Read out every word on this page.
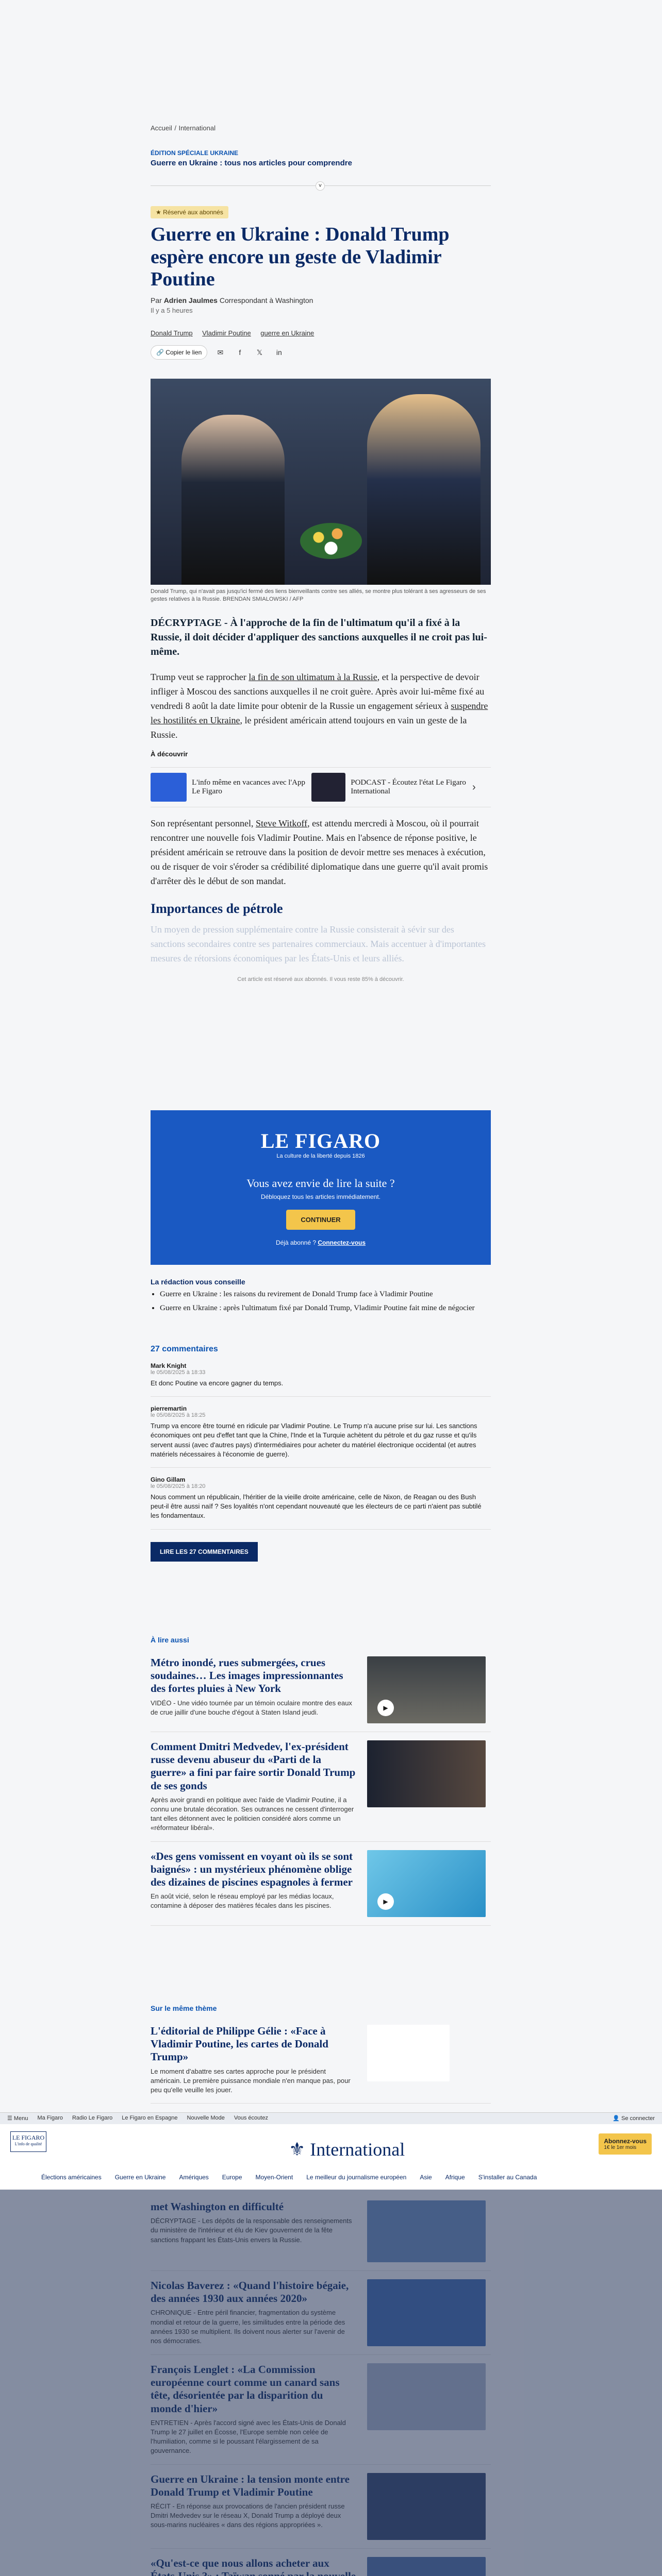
Accueil / International
ÉDITION SPÉCIALE UKRAINE
Guerre en Ukraine : tous nos articles pour comprendre
˅
★ Réservé aux abonnés
Guerre en Ukraine : Donald Trump espère encore un geste de Vladimir Poutine
Par Adrien Jaulmes Correspondant à Washington
Il y a 5 heures
Donald Trump Vladimir Poutine guerre en Ukraine
🔗 Copier le lien	✉	f	𝕏	in
Donald Trump, qui n'avait pas jusqu'ici fermé des liens bienveillants contre ses alliés, se montre plus tolérant à ses agresseurs de ses gestes relatives à la Russie. BRENDAN SMIALOWSKI / AFP

DÉCRYPTAGE - À l'approche de la fin de l'ultimatum qu'il a fixé à la Russie, il doit décider d'appliquer des sanctions auxquelles il ne croit pas lui-même.

Trump veut se rapprocher la fin de son ultimatum à la Russie, et la perspective de devoir infliger à Moscou des sanctions auxquelles il ne croit guère. Après avoir lui-même fixé au vendredi 8 août la date limite pour obtenir de la Russie un engagement sérieux à suspendre les hostilités en Ukraine, le président américain attend toujours en vain un geste de la Russie.

À découvrir
L'info même en vacances avec l'App Le Figaro
PODCAST - Écoutez l'état Le Figaro International	›

Son représentant personnel, Steve Witkoff, est attendu mercredi à Moscou, où il pourrait rencontrer une nouvelle fois Vladimir Poutine. Mais en l'absence de réponse positive, le président américain se retrouve dans la position de devoir mettre ses menaces à exécution, ou de risquer de voir s'éroder sa crédibilité diplomatique dans une guerre qu'il avait promis d'arrêter dès le début de son mandat.

Importances de pétrole

Un moyen de pression supplémentaire contre la Russie consisterait à sévir sur des sanctions secondaires contre ses partenaires commerciaux. Mais accentuer à d'importantes mesures de rétorsions économiques par les États-Unis et leurs alliés.

Cet article est réservé aux abonnés. Il vous reste 85% à découvrir.

LE FIGARO
La culture de la liberté depuis 1826
Vous avez envie de lire la suite ?
Débloquez tous les articles immédiatement.
CONTINUER
Déjà abonné ? Connectez-vous
La rédaction vous conseille
• Guerre en Ukraine : les raisons du revirement de Donald Trump face à Vladimir Poutine
• Guerre en Ukraine : après l'ultimatum fixé par Donald Trump, Vladimir Poutine fait mine de négocier
27 commentaires
Mark Knight
le 05/08/2025 à 18:33
Et donc Poutine va encore gagner du temps.
pierremartin
le 05/08/2025 à 18:25
Trump va encore être tourné en ridicule par Vladimir Poutine. Le Trump n'a aucune prise sur lui. Les sanctions économiques ont peu d'effet tant que la Chine, l'Inde et la Turquie achètent du pétrole et du gaz russe et qu'ils servent aussi (avec d'autres pays) d'intermédiaires pour acheter du matériel électronique occidental (et autres matériels nécessaires à l'économie de guerre).
Gino Gillam
le 05/08/2025 à 18:20
Nous comment un républicain, l'héritier de la vieille droite américaine, celle de Nixon, de Reagan ou des Bush peut-il être aussi naïf ? Ses loyalités n'ont cependant nouveauté que les électeurs de ce parti n'aient pas subtilé les fondamentaux.
LIRE LES 27 COMMENTAIRES
À lire aussi
Métro inondé, rues submergées, crues soudaines… Les images impressionnantes des fortes pluies à New York

VIDÉO - Une vidéo tournée par un témoin oculaire montre des eaux de crue jaillir d'une bouche d'égout à Staten Island jeudi.

▶
Comment Dmitri Medvedev, l'ex-président russe devenu abuseur du «Parti de la guerre» a fini par faire sortir Donald Trump de ses gonds

Après avoir grandi en politique avec l'aide de Vladimir Poutine, il a connu une brutale décoration. Ses outrances ne cessent d'interroger tant elles détonnent avec le politicien considéré alors comme un «réformateur libéral».

«Des gens vomissent en voyant où ils se sont baignés» : un mystérieux phénomène oblige des dizaines de piscines espagnoles à fermer

En août vicié, selon le réseau employé par les médias locaux, contamine à déposer des matières fécales dans les piscines.

▶
Sur le même thème
L'éditorial de Philippe Gélie : «Face à Vladimir Poutine, les cartes de Donald Trump»

Le moment d'abattre ses cartes approche pour le président américain. Le première puissance mondiale n'en manque pas, pour peu qu'elle veuille les jouer.

☰ Menu Ma Figaro Radio Le Figaro Le Figaro en Espagne Nouvelle Mode Vous écoutez	👤 Se connecter
LE FIGARO
L'info de qualité	⚜ International	Abonnez-vous
1€ le 1er mois
Élections américaines Guerre en Ukraine Amériques Europe Moyen-Orient Le meilleur du journalisme européen Asie Afrique S'installer au Canada
